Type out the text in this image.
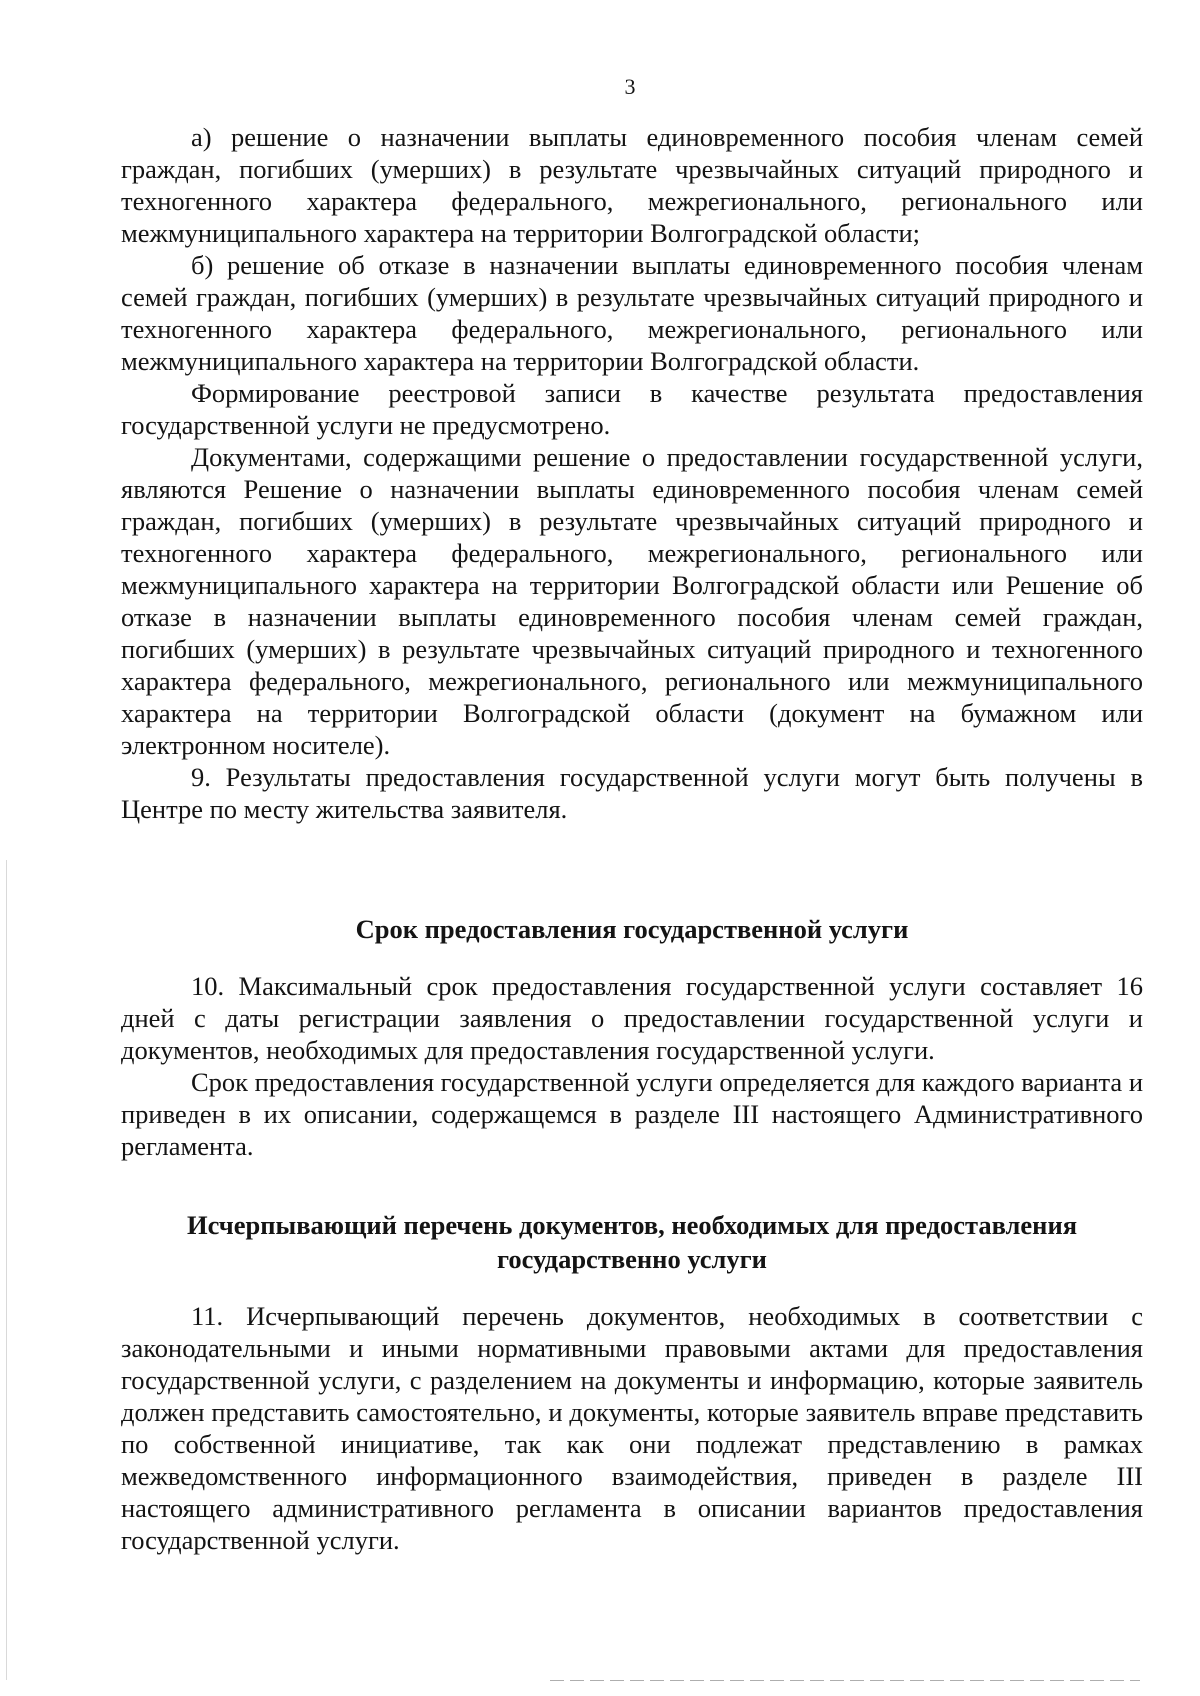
3

а) решение о назначении выплаты единовременного пособия членам семей граждан, погибших (умерших) в результате чрезвычайных ситуаций природного и техногенного характера федерального, межрегионального, регионального или межмуниципального характера на территории Волгоградской области;

б) решение об отказе в назначении выплаты единовременного пособия членам семей граждан, погибших (умерших) в результате чрезвычайных ситуаций природного и техногенного характера федерального, межрегионального, регионального или межмуниципального характера на территории Волгоградской области.

Формирование реестровой записи в качестве результата предоставления государственной услуги не предусмотрено.

Документами, содержащими решение о предоставлении государственной услуги, являются Решение о назначении выплаты единовременного пособия членам семей граждан, погибших (умерших) в результате чрезвычайных ситуаций природного и техногенного характера федерального, межрегионального, регионального или межмуниципального характера на территории Волгоградской области или Решение об отказе в назначении выплаты единовременного пособия членам семей граждан, погибших (умерших) в результате чрезвычайных ситуаций природного и техногенного характера федерального, межрегионального, регионального или межмуниципального характера на территории Волгоградской области (документ на бумажном или электронном носителе).

9. Результаты предоставления государственной услуги могут быть получены в Центре по месту жительства заявителя.

Срок предоставления государственной услуги

10. Максимальный срок предоставления государственной услуги составляет 16 дней с даты регистрации заявления о предоставлении государственной услуги и документов, необходимых для предоставления государственной услуги.

Срок предоставления государственной услуги определяется для каждого варианта и приведен в их описании, содержащемся в разделе III настоящего Административного регламента.

Исчерпывающий перечень документов, необходимых для предоставления
государственно услуги

11. Исчерпывающий перечень документов, необходимых в соответствии с законодательными и иными нормативными правовыми актами для предоставления государственной услуги, с разделением на документы и информацию, которые заявитель должен представить самостоятельно, и документы, которые заявитель вправе представить по собственной инициативе, так как они подлежат представлению в рамках межведомственного информационного взаимодействия, приведен в разделе III настоящего административного регламента в описании вариантов предоставления государственной услуги.
